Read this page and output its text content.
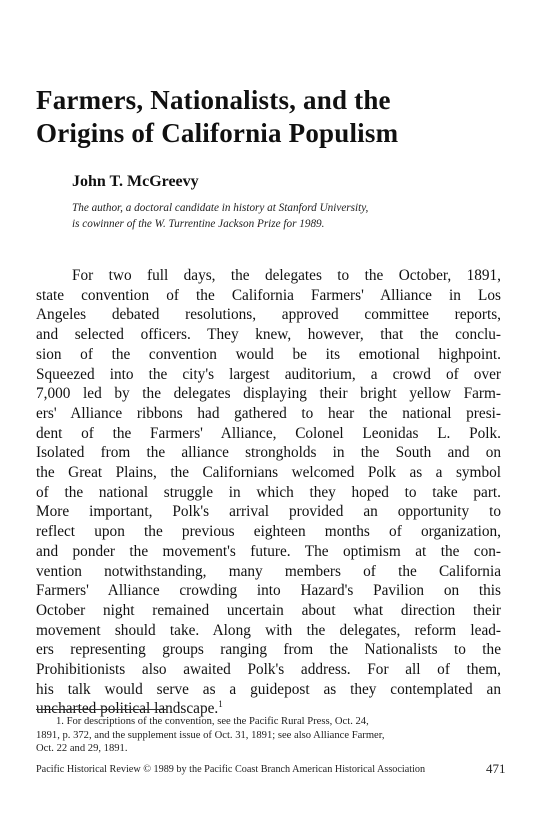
Farmers, Nationalists, and the
Origins of California Populism
John T. McGreevy
The author, a doctoral candidate in history at Stanford University,
is cowinner of the W. Turrentine Jackson Prize for 1989.
For two full days, the delegates to the October, 1891,
state convention of the California Farmers' Alliance in Los
Angeles debated resolutions, approved committee reports,
and selected officers. They knew, however, that the conclu-
sion of the convention would be its emotional highpoint.
Squeezed into the city's largest auditorium, a crowd of over
7,000 led by the delegates displaying their bright yellow Farm-
ers' Alliance ribbons had gathered to hear the national presi-
dent of the Farmers' Alliance, Colonel Leonidas L. Polk.
Isolated from the alliance strongholds in the South and on
the Great Plains, the Californians welcomed Polk as a symbol
of the national struggle in which they hoped to take part.
More important, Polk's arrival provided an opportunity to
reflect upon the previous eighteen months of organization,
and ponder the movement's future. The optimism at the con-
vention notwithstanding, many members of the California
Farmers' Alliance crowding into Hazard's Pavilion on this
October night remained uncertain about what direction their
movement should take. Along with the delegates, reform lead-
ers representing groups ranging from the Nationalists to the
Prohibitionists also awaited Polk's address. For all of them,
his talk would serve as a guidepost as they contemplated an
uncharted political landscape.$^1$
1. For descriptions of the convention, see the Pacific Rural Press, Oct. 24,
1891, p. 372, and the supplement issue of Oct. 31, 1891; see also Alliance Farmer,
Oct. 22 and 29, 1891.
Pacific Historical Review © 1989 by the Pacific Coast Branch American Historical Association	471
